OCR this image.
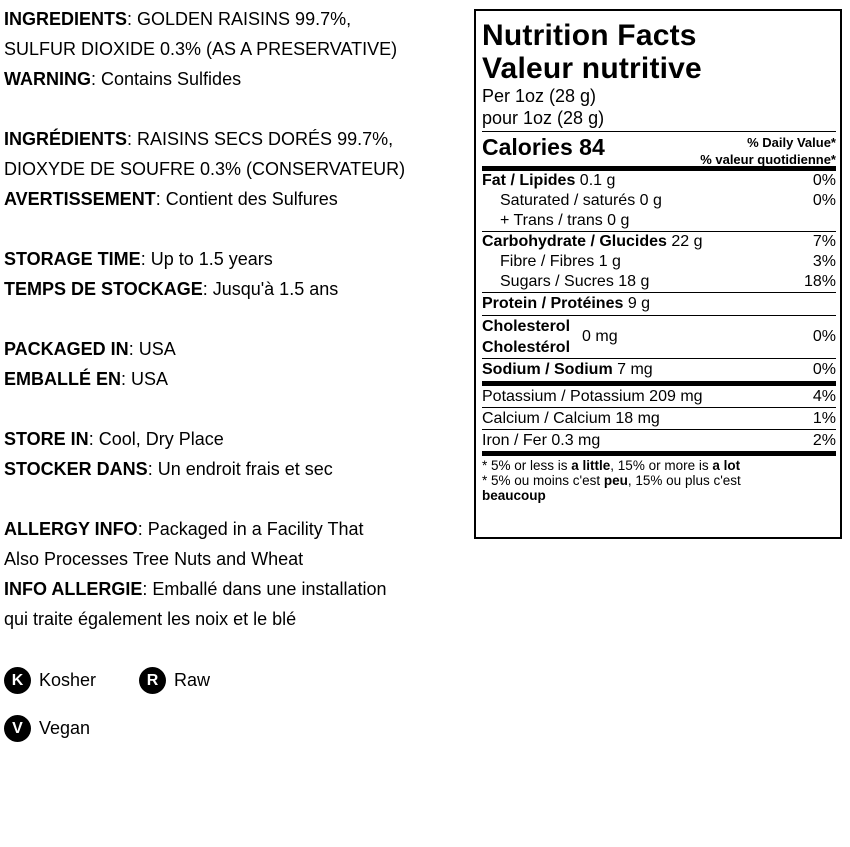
INGREDIENTS: GOLDEN RAISINS 99.7%,

SULFUR DIOXIDE 0.3% (AS A PRESERVATIVE)

WARNING: Contains Sulfides

INGRÉDIENTS: RAISINS SECS DORÉS 99.7%,

DIOXYDE DE SOUFRE 0.3% (CONSERVATEUR)

AVERTISSEMENT: Contient des Sulfures

STORAGE TIME: Up to 1.5 years

TEMPS DE STOCKAGE: Jusqu'à 1.5 ans

PACKAGED IN: USA

EMBALLÉ EN: USA

STORE IN: Cool, Dry Place

STOCKER DANS: Un endroit frais et sec

ALLERGY INFO: Packaged in a Facility That

Also Processes Tree Nuts and Wheat

INFO ALLERGIE: Emballé dans une installation

qui traite également les noix et le blé

K Kosher	R Raw
V Vegan
Nutrition Facts
Valeur nutritive
Per 1oz (28 g)
pour 1oz (28 g)
Calories 84	% Daily Value*
% valeur quotidienne*
Fat / Lipides 0.1 g	0%
Saturated / saturés 0 g	0%
+ Trans / trans 0 g
Carbohydrate / Glucides 22 g	7%
Fibre / Fibres 1 g	3%
Sugars / Sucres 18 g	18%
Protein / Protéines 9 g
Cholesterol
Cholestérol
0 mg	0%
Sodium / Sodium 7 mg	0%
Potassium / Potassium 209 mg	4%
Calcium / Calcium 18 mg	1%
Iron / Fer 0.3 mg	2%
* 5% or less is a little, 15% or more is a lot
* 5% ou moins c'est peu, 15% ou plus c'est
beaucoup
